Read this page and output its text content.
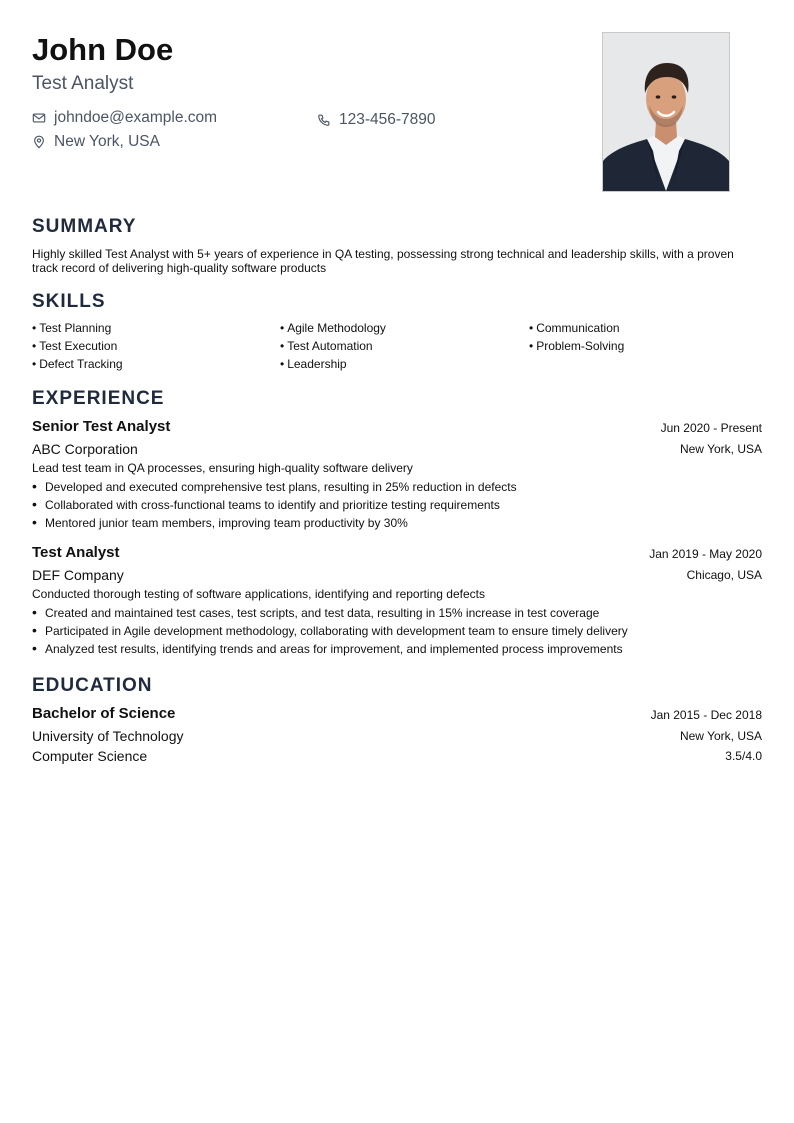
John Doe
Test Analyst
johndoe@example.com
New York, USA
123-456-7890
SUMMARY
Highly skilled Test Analyst with 5+ years of experience in QA testing, possessing strong technical and leadership skills, with a proven track record of delivering high-quality software products
SKILLS
• Test Planning	• Agile Methodology	• Communication
• Test Execution	• Test Automation	• Problem-Solving
• Defect Tracking	• Leadership
EXPERIENCE
Senior Test Analyst	Jun 2020 - Present
ABC Corporation	New York, USA
Lead test team in QA processes, ensuring high-quality software delivery
• Developed and executed comprehensive test plans, resulting in 25% reduction in defects
• Collaborated with cross-functional teams to identify and prioritize testing requirements
• Mentored junior team members, improving team productivity by 30%
Test Analyst	Jan 2019 - May 2020
DEF Company	Chicago, USA
Conducted thorough testing of software applications, identifying and reporting defects
• Created and maintained test cases, test scripts, and test data, resulting in 15% increase in test coverage
• Participated in Agile development methodology, collaborating with development team to ensure timely delivery
• Analyzed test results, identifying trends and areas for improvement, and implemented process improvements
EDUCATION
Bachelor of Science	Jan 2015 - Dec 2018
University of Technology	New York, USA
Computer Science	3.5/4.0
